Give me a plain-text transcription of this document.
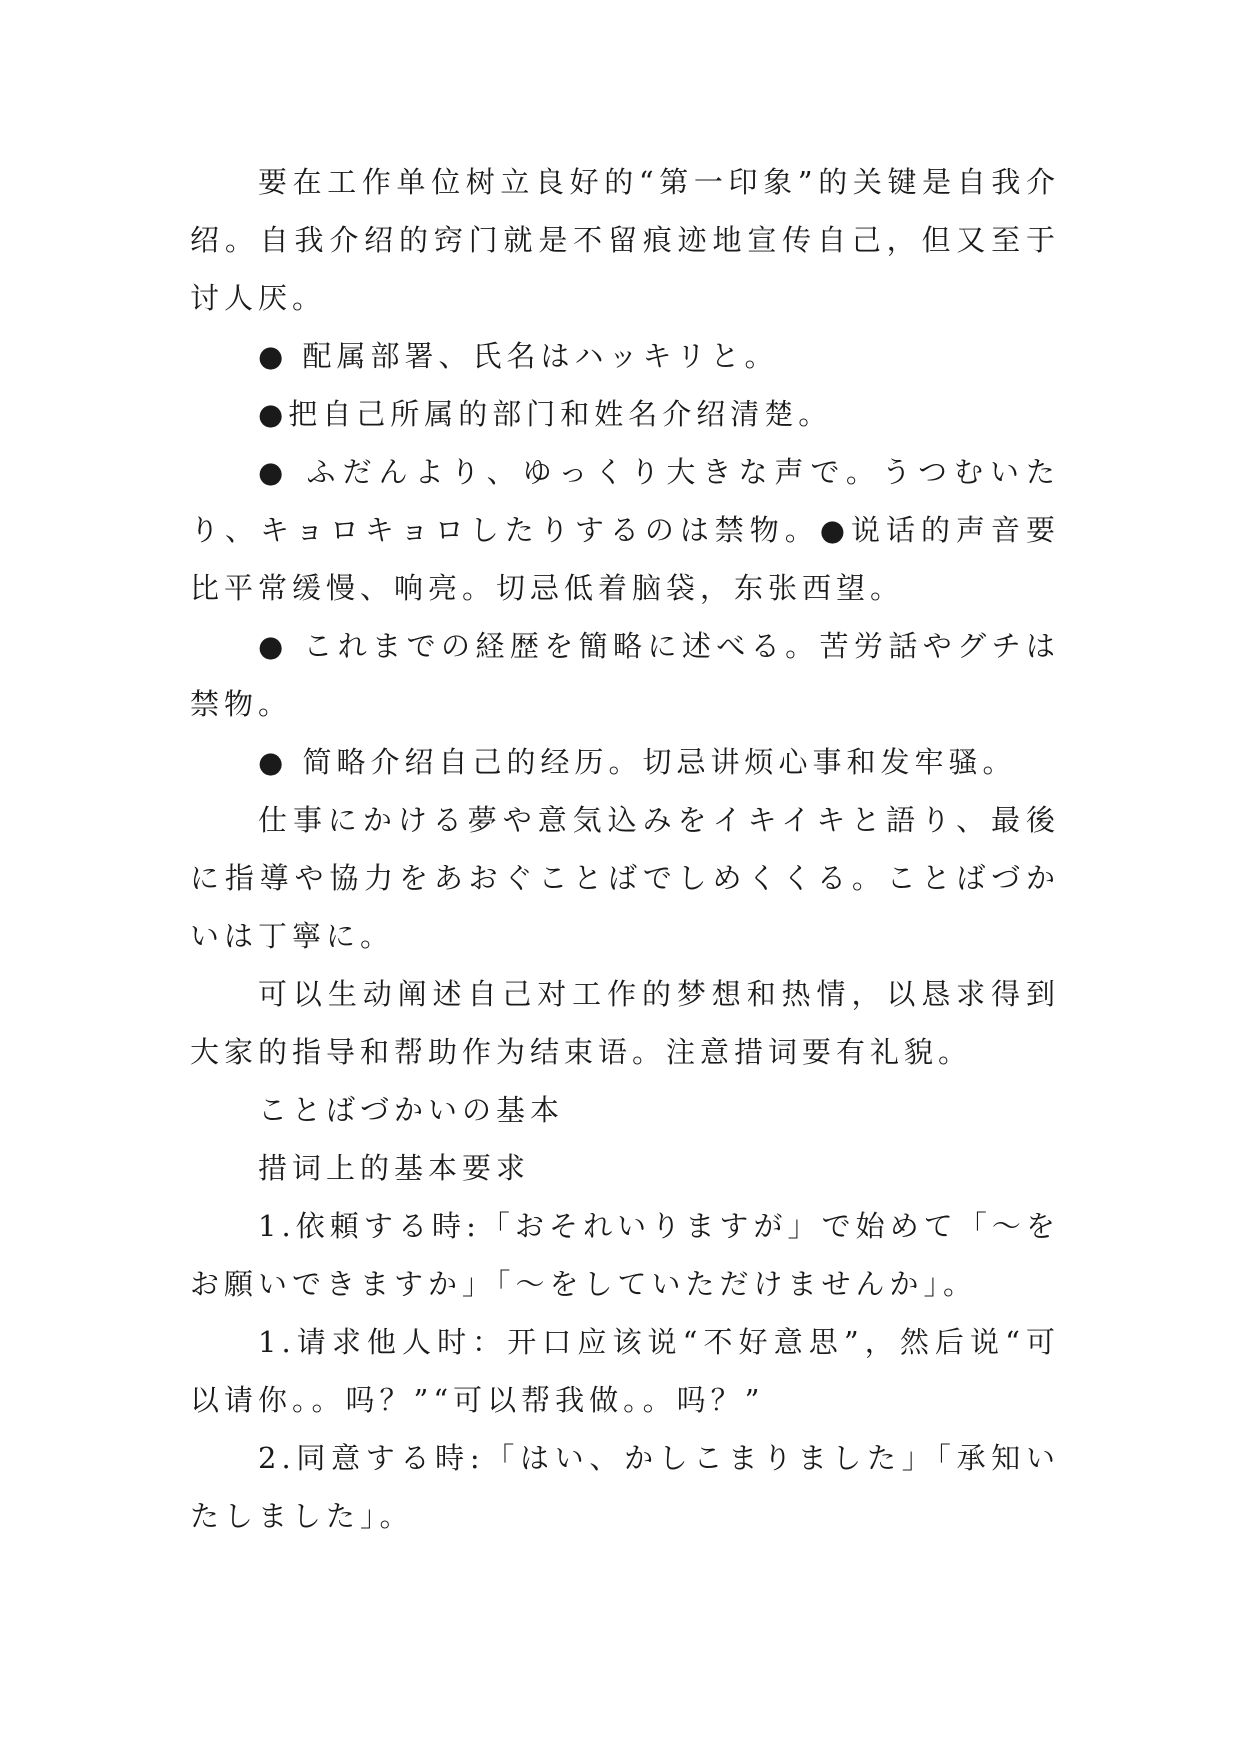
要在工作单位树立良好的“第一印象”的关键是自我介绍。自我介绍的窍门就是不留痕迹地宣传自己，但又至于讨人厌。

● 配属部署、氏名はハッキリと。

●把自己所属的部门和姓名介绍清楚。

● ふだんより、ゆっくり大きな声で。うつむいたり、キョロキョロしたりするのは禁物。●说话的声音要比平常缓慢、响亮。切忌低着脑袋，东张西望。

● これまでの経歴を簡略に述べる。苦労話やグチは禁物。

● 简略介绍自己的经历。切忌讲烦心事和发牢骚。

仕事にかける夢や意気込みをイキイキと語り、最後に指導や協力をあおぐことばでしめくくる。ことばづかいは丁寧に。

可以生动阐述自己对工作的梦想和热情，以恳求得到大家的指导和帮助作为结束语。注意措词要有礼貌。

ことばづかいの基本

措词上的基本要求

1.依頼する時:「おそれいりますが」で始めて「～をお願いできますか」「～をしていただけませんか」。

1.请求他人时：开口应该说“不好意思”，然后说“可以请你。。吗？”“可以帮我做。。吗？”

2.同意する時:「はい、かしこまりました」「承知いたしました」。
